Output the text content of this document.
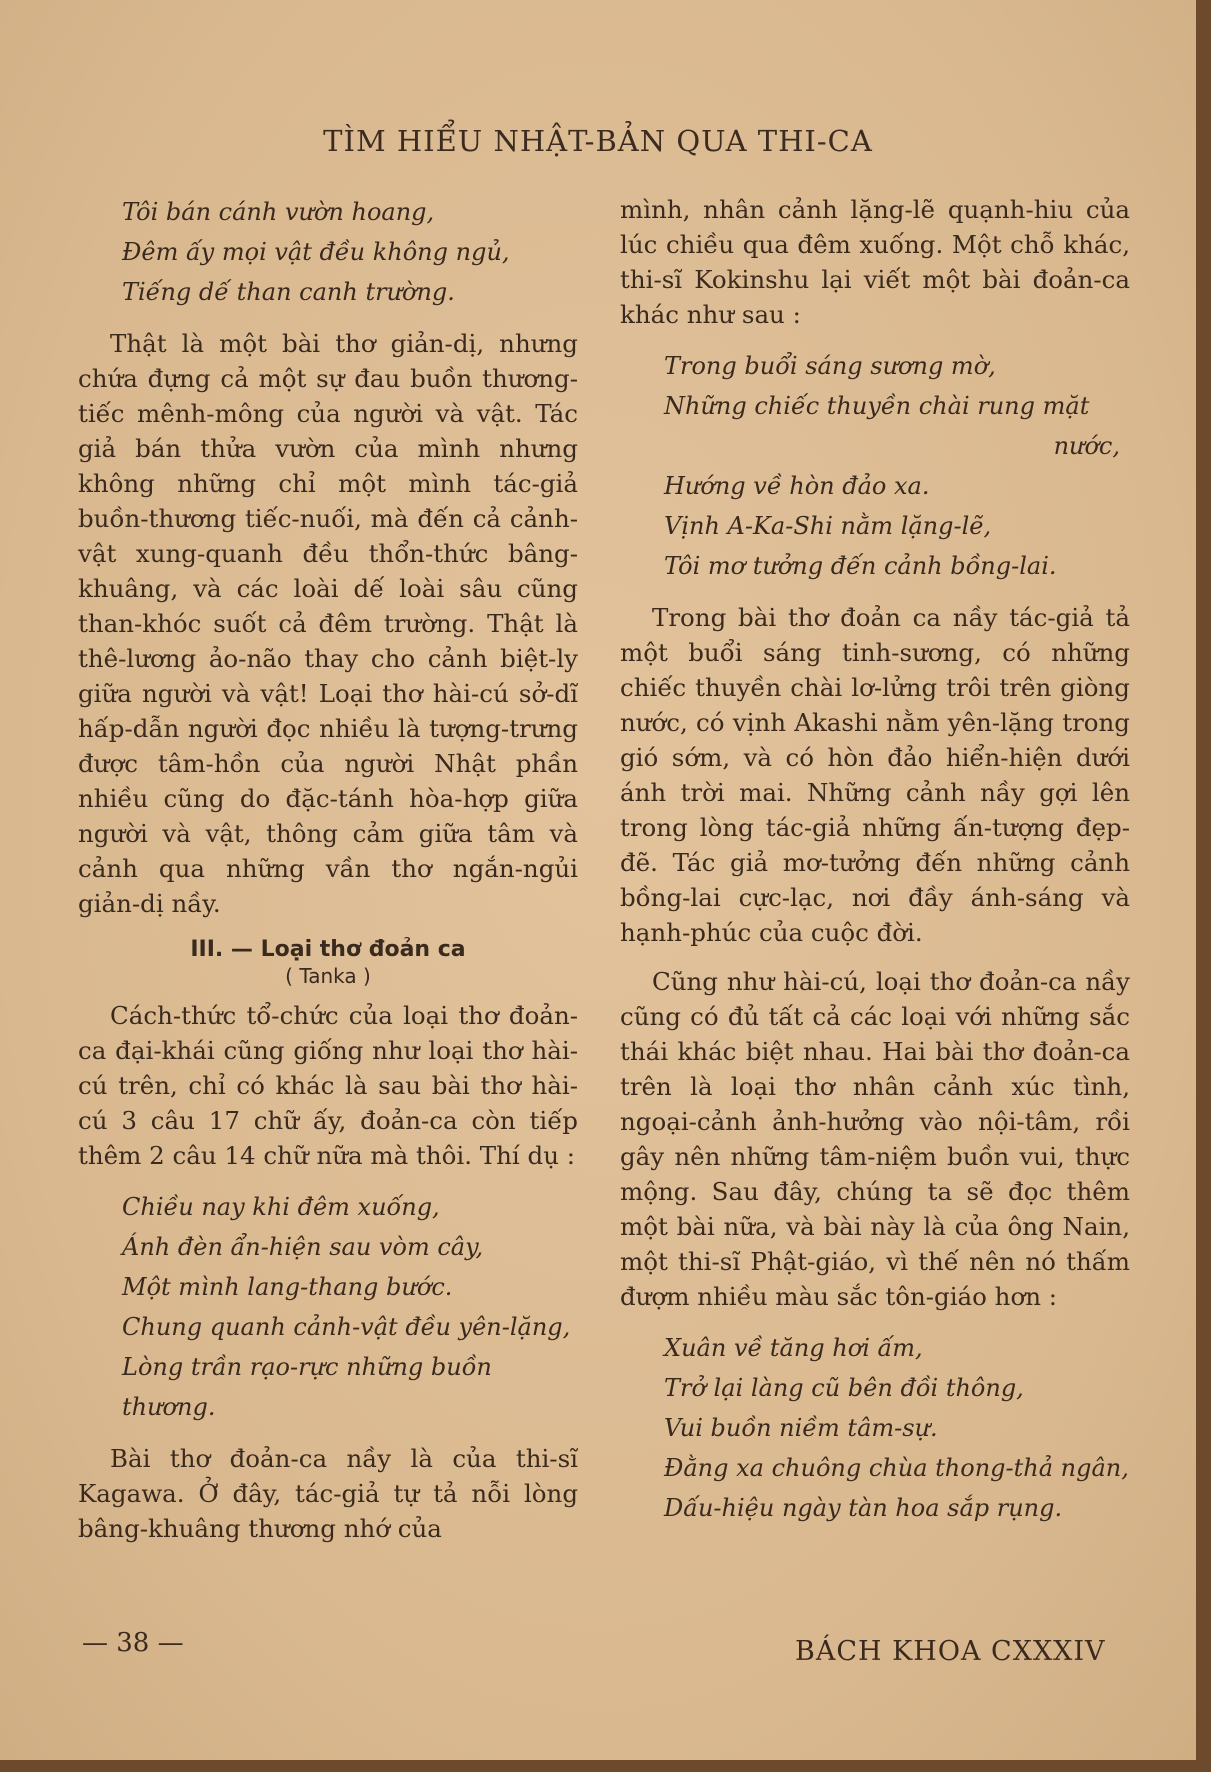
TÌM HIỂU NHẬT-BẢN QUA THI-CA
Tôi bán cánh vườn hoang,
Đêm ấy mọi vật đều không ngủ,
Tiếng dế than canh trường.

Thật là một bài thơ giản-dị, nhưng chứa đựng cả một sự đau buồn thương-tiếc mênh-mông của người và vật. Tác giả bán thửa vườn của mình nhưng không những chỉ một mình tác-giả buồn-thương tiếc-nuối, mà đến cả cảnh-vật xung-quanh đều thổn-thức bâng-khuâng, và các loài dế loài sâu cũng than-khóc suốt cả đêm trường. Thật là thê-lương ảo-não thay cho cảnh biệt-ly giữa người và vật! Loại thơ hài-cú sở-dĩ hấp-dẫn người đọc nhiều là tượng-trưng được tâm-hồn của người Nhật phần nhiều cũng do đặc-tánh hòa-hợp giữa người và vật, thông cảm giữa tâm và cảnh qua những vần thơ ngắn-ngủi giản-dị nầy.

III. — Loại thơ đoản ca
( Tanka )

Cách-thức tổ-chức của loại thơ đoản-ca đại-khái cũng giống như loại thơ hài-cú trên, chỉ có khác là sau bài thơ hài-cú 3 câu 17 chữ ấy, đoản-ca còn tiếp thêm 2 câu 14 chữ nữa mà thôi. Thí dụ :

Chiều nay khi đêm xuống,
Ánh đèn ẩn-hiện sau vòm cây,
Một mình lang-thang bước.
Chung quanh cảnh-vật đều yên-lặng,
Lòng trần rạo-rực những buồn thương.

Bài thơ đoản-ca nầy là của thi-sĩ Kagawa. Ở đây, tác-giả tự tả nỗi lòng bâng-khuâng thương nhớ của

mình, nhân cảnh lặng-lẽ quạnh-hiu của lúc chiều qua đêm xuống. Một chỗ khác, thi-sĩ Kokinshu lại viết một bài đoản-ca khác như sau :

Trong buổi sáng sương mờ,
Những chiếc thuyền chài rung mặt
nước,
Hướng về hòn đảo xa.
Vịnh A-Ka-Shi nằm lặng-lẽ,
Tôi mơ tưởng đến cảnh bồng-lai.

Trong bài thơ đoản ca nầy tác-giả tả một buổi sáng tinh-sương, có những chiếc thuyền chài lơ-lửng trôi trên giòng nước, có vịnh Akashi nằm yên-lặng trong gió sớm, và có hòn đảo hiển-hiện dưới ánh trời mai. Những cảnh nầy gợi lên trong lòng tác-giả những ấn-tượng đẹp-đẽ. Tác giả mơ-tưởng đến những cảnh bồng-lai cực-lạc, nơi đầy ánh-sáng và hạnh-phúc của cuộc đời.

Cũng như hài-cú, loại thơ đoản-ca nầy cũng có đủ tất cả các loại với những sắc thái khác biệt nhau. Hai bài thơ đoản-ca trên là loại thơ nhân cảnh xúc tình, ngoại-cảnh ảnh-hưởng vào nội-tâm, rồi gây nên những tâm-niệm buồn vui, thực mộng. Sau đây, chúng ta sẽ đọc thêm một bài nữa, và bài này là của ông Nain, một thi-sĩ Phật-giáo, vì thế nên nó thấm đượm nhiều màu sắc tôn-giáo hơn :

Xuân về tăng hơi ấm,
Trở lại làng cũ bên đồi thông,
Vui buồn niềm tâm-sự.
Đằng xa chuông chùa thong-thả ngân,
Dấu-hiệu ngày tàn hoa sắp rụng.
— 38 —	BÁCH KHOA CXXXIV
